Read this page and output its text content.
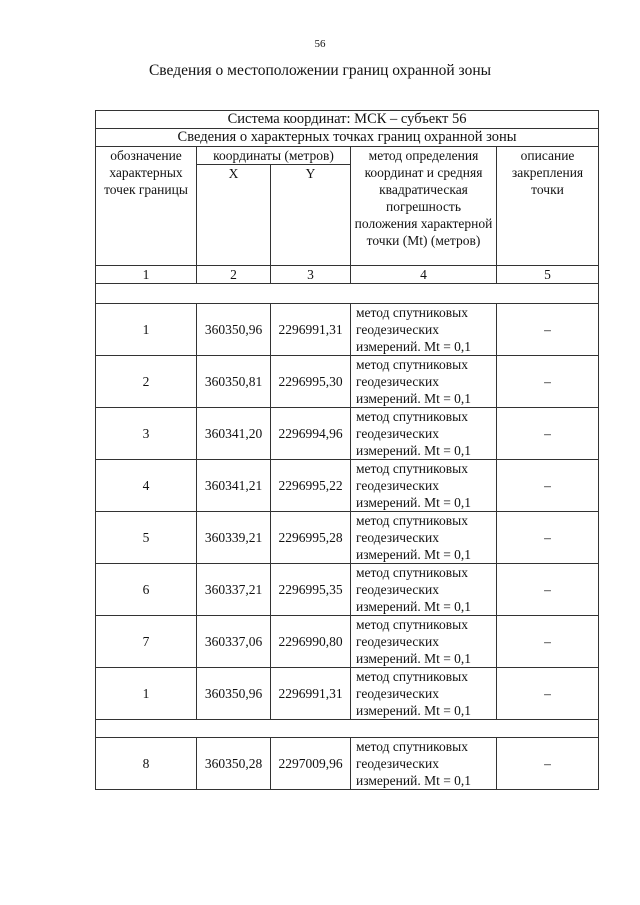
56
Сведения о местоположении границ охранной зоны
Система координат: МСК – субъект 56				
Сведения о характерных точках границ охранной зоны				
обозначение характерных точек границы	координаты (метров)		метод определения координат и средняя квадратическая погрешность положения характерной точки (Mt) (метров)	описание закрепления точки
	X	Y		
1	2	3	4	5

1	360350,96	2296991,31	метод спутниковых геодезических измерений. Mt = 0,1	–
2	360350,81	2296995,30	метод спутниковых геодезических измерений. Mt = 0,1	–
3	360341,20	2296994,96	метод спутниковых геодезических измерений. Mt = 0,1	–
4	360341,21	2296995,22	метод спутниковых геодезических измерений. Mt = 0,1	–
5	360339,21	2296995,28	метод спутниковых геодезических измерений. Mt = 0,1	–
6	360337,21	2296995,35	метод спутниковых геодезических измерений. Mt = 0,1	–
7	360337,06	2296990,80	метод спутниковых геодезических измерений. Mt = 0,1	–
1	360350,96	2296991,31	метод спутниковых геодезических измерений. Mt = 0,1	–

8	360350,28	2297009,96	метод спутниковых геодезических измерений. Mt = 0,1	–
